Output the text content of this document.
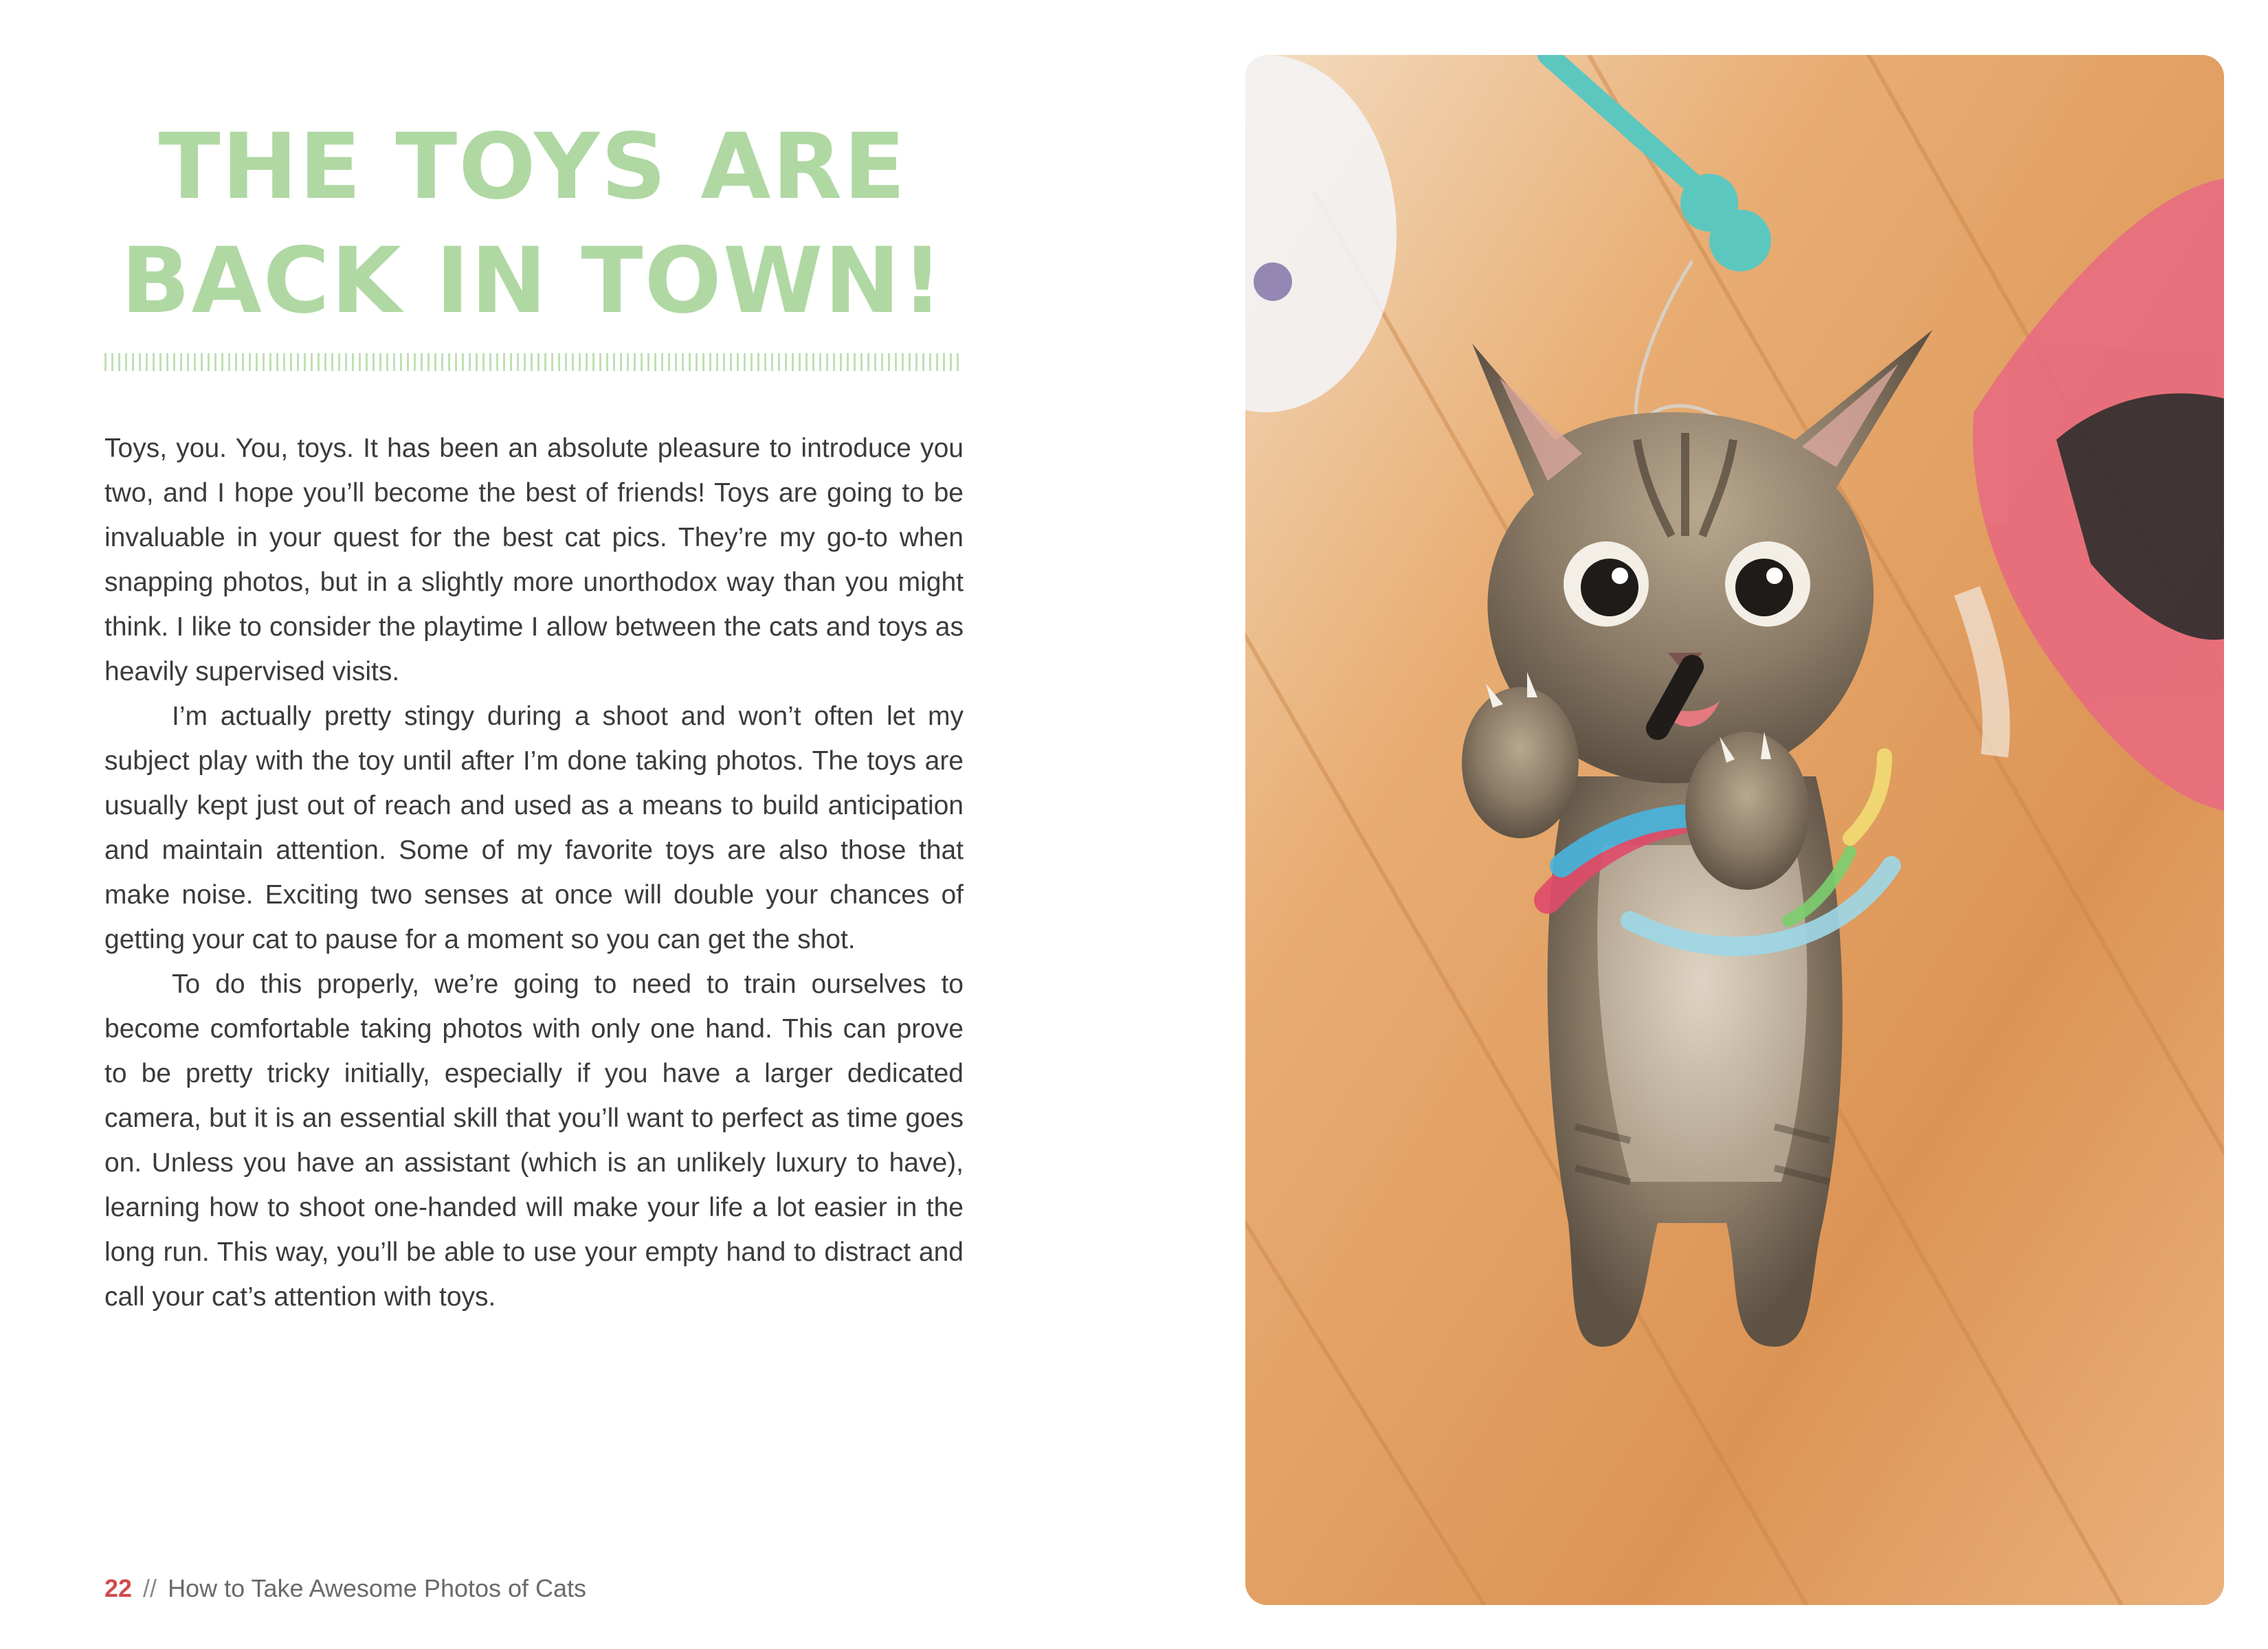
THE TOYS ARE
BACK IN TOWN!

Toys, you. You, toys. It has been an absolute pleasure to introduce you two, and I hope you’ll become the best of friends! Toys are going to be invaluable in your quest for the best cat pics. They’re my go-to when snapping photos, but in a slightly more unorthodox way than you might think. I like to consider the playtime I allow between the cats and toys as heavily supervised visits.

I’m actually pretty stingy during a shoot and won’t often let my subject play with the toy until after I’m done taking photos. The toys are usually kept just out of reach and used as a means to build anticipation and maintain attention. Some of my favorite toys are also those that make noise. Exciting two senses at once will double your chances of getting your cat to pause for a moment so you can get the shot.

To do this properly, we’re going to need to train ourselves to become comfortable taking photos with only one hand. This can prove to be pretty tricky initially, especially if you have a larger dedicated camera, but it is an essential skill that you’ll want to perfect as time goes on. Unless you have an assistant (which is an unlikely luxury to have), learning how to shoot one-handed will make your life a lot easier in the long run. This way, you’ll be able to use your empty hand to distract and call your cat’s attention with toys.

22 // How to Take Awesome Photos of Cats
